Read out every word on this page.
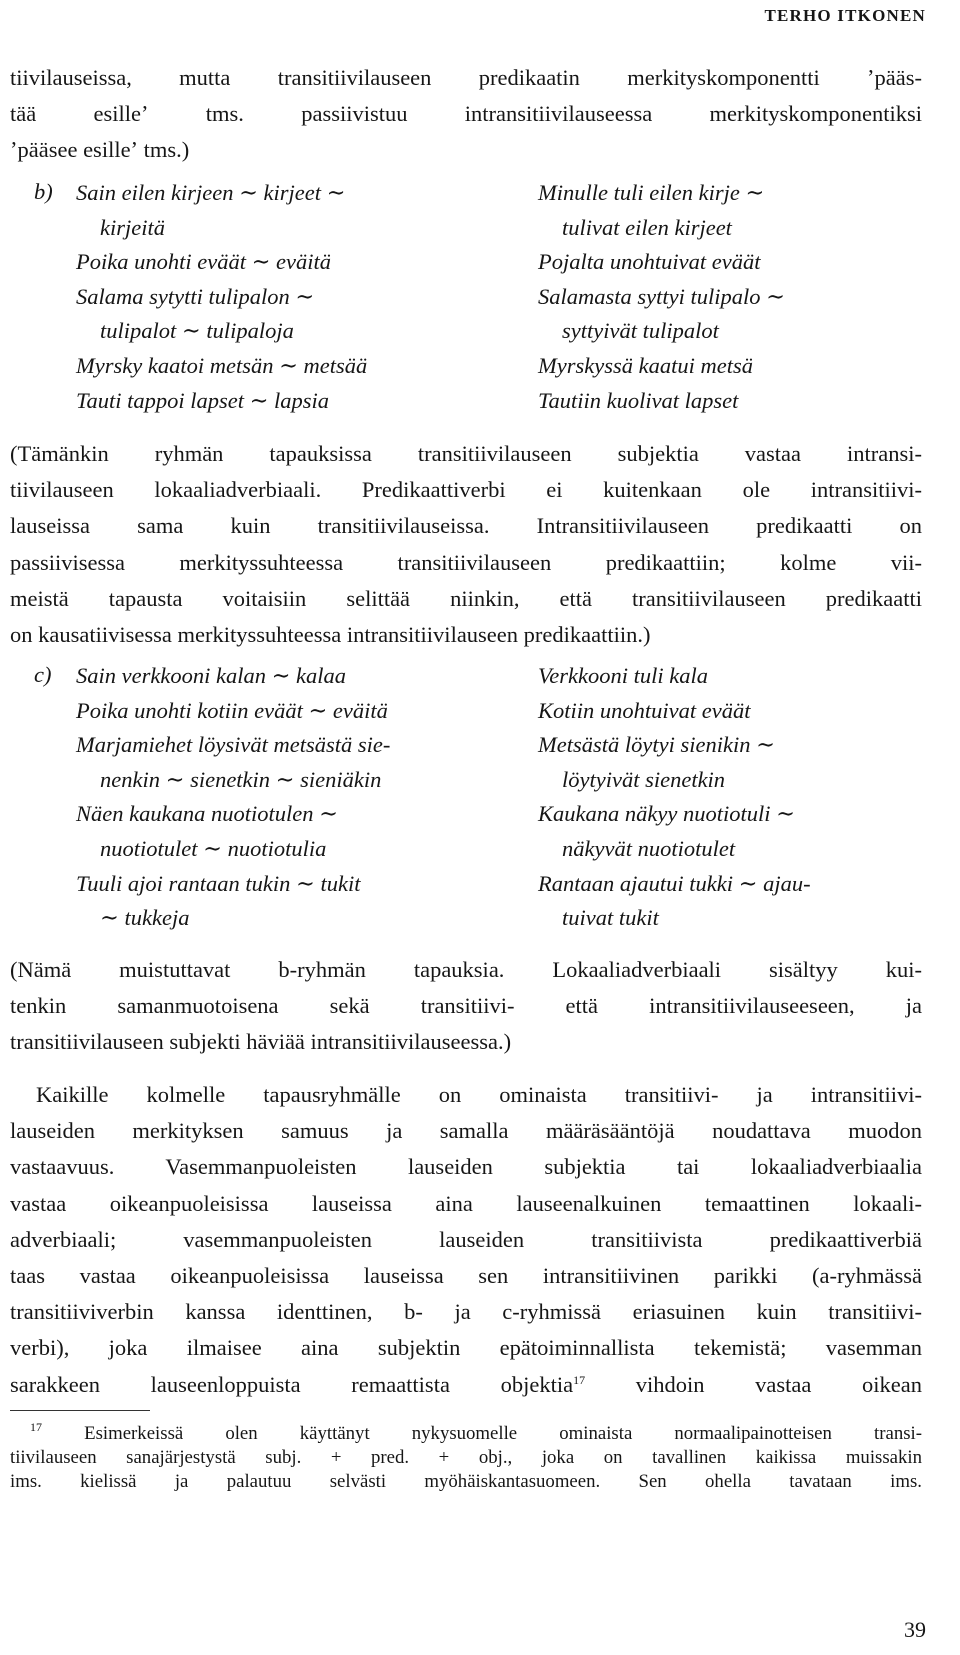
TERHO ITKONEN
tiivilauseissa, mutta transitiivilauseen predikaatin merkityskomponentti ʼpääs-
tää esilleʼ tms. passiivistuu intransitiivilauseessa merkityskomponentiksi
ʼpääsee esilleʼ tms.)
b) Sain eilen kirjeen ∼ kirjeet ∼
kirjeitä
Poika unohti eväät ∼ eväitä
Salama sytytti tulipalon ∼
tulipalot ∼ tulipaloja
Myrsky kaatoi metsän ∼ metsää
Tauti tappoi lapset ∼ lapsia
Minulle tuli eilen kirje ∼
tulivat eilen kirjeet
Pojalta unohtuivat eväät
Salamasta syttyi tulipalo ∼
syttyivät tulipalot
Myrskyssä kaatui metsä
Tautiin kuolivat lapset
(Tämänkin ryhmän tapauksissa transitiivilauseen subjektia vastaa intransi-
tiivilauseen lokaaliadverbiaali. Predikaattiverbi ei kuitenkaan ole intransitiivi-
lauseissa sama kuin transitiivilauseissa. Intransitiivilauseen predikaatti on
passiivisessa merkityssuhteessa transitiivilauseen predikaattiin; kolme vii-
meistä tapausta voitaisiin selittää niinkin, että transitiivilauseen predikaatti
on kausatiivisessa merkityssuhteessa intransitiivilauseen predikaattiin.)
c) Sain verkkooni kalan ∼ kalaa
Poika unohti kotiin eväät ∼ eväitä
Marjamiehet löysivät metsästä sie-
nenkin ∼ sienetkin ∼ sieniäkin
Näen kaukana nuotiotulen ∼
nuotiotulet ∼ nuotiotulia
Tuuli ajoi rantaan tukin ∼ tukit
∼ tukkeja
Verkkooni tuli kala
Kotiin unohtuivat eväät
Metsästä löytyi sienikin ∼
löytyivät sienetkin
Kaukana näkyy nuotiotuli ∼
näkyvät nuotiotulet
Rantaan ajautui tukki ∼ ajau-
tuivat tukit
(Nämä muistuttavat b-ryhmän tapauksia. Lokaaliadverbiaali sisältyy kui-
tenkin samanmuotoisena sekä transitiivi- että intransitiivilauseeseen, ja
transitiivilauseen subjekti häviää intransitiivilauseessa.)
Kaikille kolmelle tapausryhmälle on ominaista transitiivi- ja intransitiivi-
lauseiden merkityksen samuus ja samalla määräsääntöjä noudattava muodon
vastaavuus. Vasemmanpuoleisten lauseiden subjektia tai lokaaliadverbiaalia
vastaa oikeanpuoleisissa lauseissa aina lauseenalkuinen temaattinen lokaali-
adverbiaali; vasemmanpuoleisten lauseiden transitiivista predikaattiverbiä
taas vastaa oikeanpuoleisissa lauseissa sen intransitiivinen parikki (a-ryhmässä
transitiiviverbin kanssa identtinen, b- ja c-ryhmissä eriasuinen kuin transitiivi-
verbi), joka ilmaisee aina subjektin epätoiminnallista tekemistä; vasemman
sarakkeen lauseenloppuista remaattista objektia$^{17}$ vihdoin vastaa oikean
$^{17}$ Esimerkeissä olen käyttänyt nykysuomelle ominaista normaalipainotteisen transi-
tiivilauseen sanajärjestystä subj. + pred. + obj., joka on tavallinen kaikissa muissakin
ims. kielissä ja palautuu selvästi myöhäiskantasuomeen. Sen ohella tavataan ims.
39
